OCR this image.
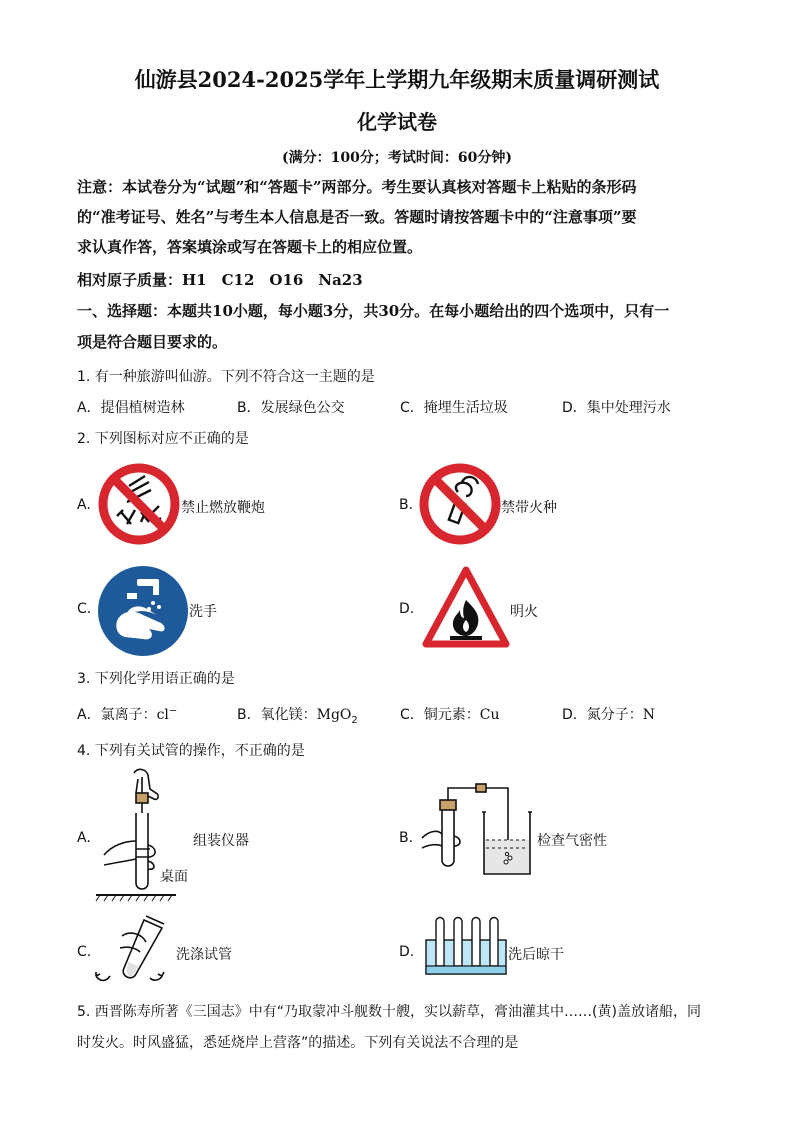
仙游县2024-2025学年上学期九年级期末质量调研测试
化学试卷
(满分：100分；考试时间：60分钟)
注意：本试卷分为“试题”和“答题卡”两部分。考生要认真核对答题卡上粘贴的条形码
的“准考证号、姓名”与考生本人信息是否一致。答题时请按答题卡中的“注意事项”要
求认真作答，答案填涂或写在答题卡上的相应位置。
相对原子质量：H1　C12　O16　Na23
一、选择题：本题共10小题，每小题3分，共30分。在每小题给出的四个选项中，只有一
项是符合题目要求的。
1. 有一种旅游叫仙游。下列不符合这一主题的是
A．提倡植树造林	B．发展绿色公交	C．掩埋生活垃圾	D．集中处理污水
2. 下列图标对应不正确的是
A.	禁止燃放鞭炮	B.	禁带火种
C.	洗手	D.	明火
3. 下列化学用语正确的是
A．氯离子：cl−	B．氧化镁：MgO$_2$	C．铜元素：Cu	D．氮分子：N
4. 下列有关试管的操作，不正确的是
A.	组装仪器
桌面
B.	检查气密性
C.	洗涤试管	D.	洗后晾干
5. 西晋陈寿所著《三国志》中有“乃取蒙冲斗舰数十艘，实以薪草，膏油灌其中……(黄)盖放诸船，同
时发火。时风盛猛，悉延烧岸上营落”的描述。下列有关说法不合理的是
